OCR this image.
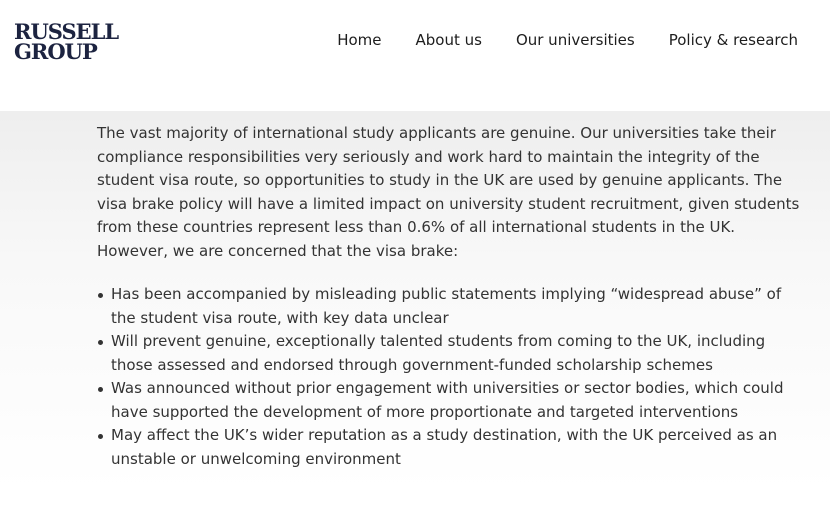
RUSSELL
GROUP	Home About us Our universities Policy & research

The vast majority of international study applicants are genuine. Our universities take their compliance responsibilities very seriously and work hard to maintain the integrity of the student visa route, so opportunities to study in the UK are used by genuine applicants. The visa brake policy will have a limited impact on university student recruitment, given students from these countries represent less than 0.6% of all international students in the UK. However, we are concerned that the visa brake:

Has been accompanied by misleading public statements implying “widespread abuse” of the student visa route, with key data unclear
Will prevent genuine, exceptionally talented students from coming to the UK, including those assessed and endorsed through government-funded scholarship schemes
Was announced without prior engagement with universities or sector bodies, which could have supported the development of more proportionate and targeted interventions
May affect the UK’s wider reputation as a study destination, with the UK perceived as an unstable or unwelcoming environment
